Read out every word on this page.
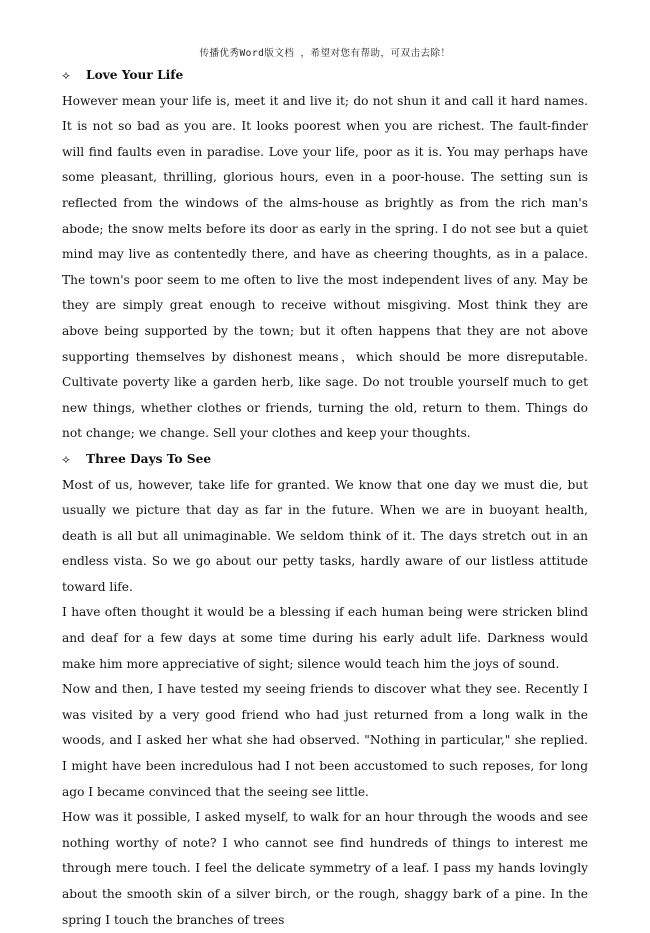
传播优秀Word版文档 ，希望对您有帮助，可双击去除！
⟡	Love Your Life

However mean your life is, meet it and live it; do not shun it and call it hard names. It is not so bad as you are. It looks poorest when you are richest. The fault-finder will find faults even in paradise. Love your life, poor as it is. You may perhaps have some pleasant, thrilling, glorious hours, even in a poor-house. The setting sun is reflected from the windows of the alms-house as brightly as from the rich man's abode; the snow melts before its door as early in the spring. I do not see but a quiet mind may live as contentedly there, and have as cheering thoughts, as in a palace. The town's poor seem to me often to live the most independent lives of any. May be they are simply great enough to receive without misgiving. Most think they are above being supported by the town; but it often happens that they are not above supporting themselves by dishonest means，which should be more disreputable. Cultivate poverty like a garden herb, like sage. Do not trouble yourself much to get new things, whether clothes or friends, turning the old, return to them. Things do not change; we change. Sell your clothes and keep your thoughts.

⟡	Three Days To See

Most of us, however, take life for granted. We know that one day we must die, but usually we picture that day as far in the future. When we are in buoyant health, death is all but all unimaginable. We seldom think of it. The days stretch out in an endless vista. So we go about our petty tasks, hardly aware of our listless attitude toward life.

I have often thought it would be a blessing if each human being were stricken blind and deaf for a few days at some time during his early adult life. Darkness would make him more appreciative of sight; silence would teach him the joys of sound.

Now and then, I have tested my seeing friends to discover what they see. Recently I was visited by a very good friend who had just returned from a long walk in the woods, and I asked her what she had observed. "Nothing in particular," she replied. I might have been incredulous had I not been accustomed to such reposes, for long ago I became convinced that the seeing see little.

How was it possible, I asked myself, to walk for an hour through the woods and see nothing worthy of note? I who cannot see find hundreds of things to interest me through mere touch. I feel the delicate symmetry of a leaf. I pass my hands lovingly about the smooth skin of a silver birch, or the rough, shaggy bark of a pine. In the spring I touch the branches of trees
